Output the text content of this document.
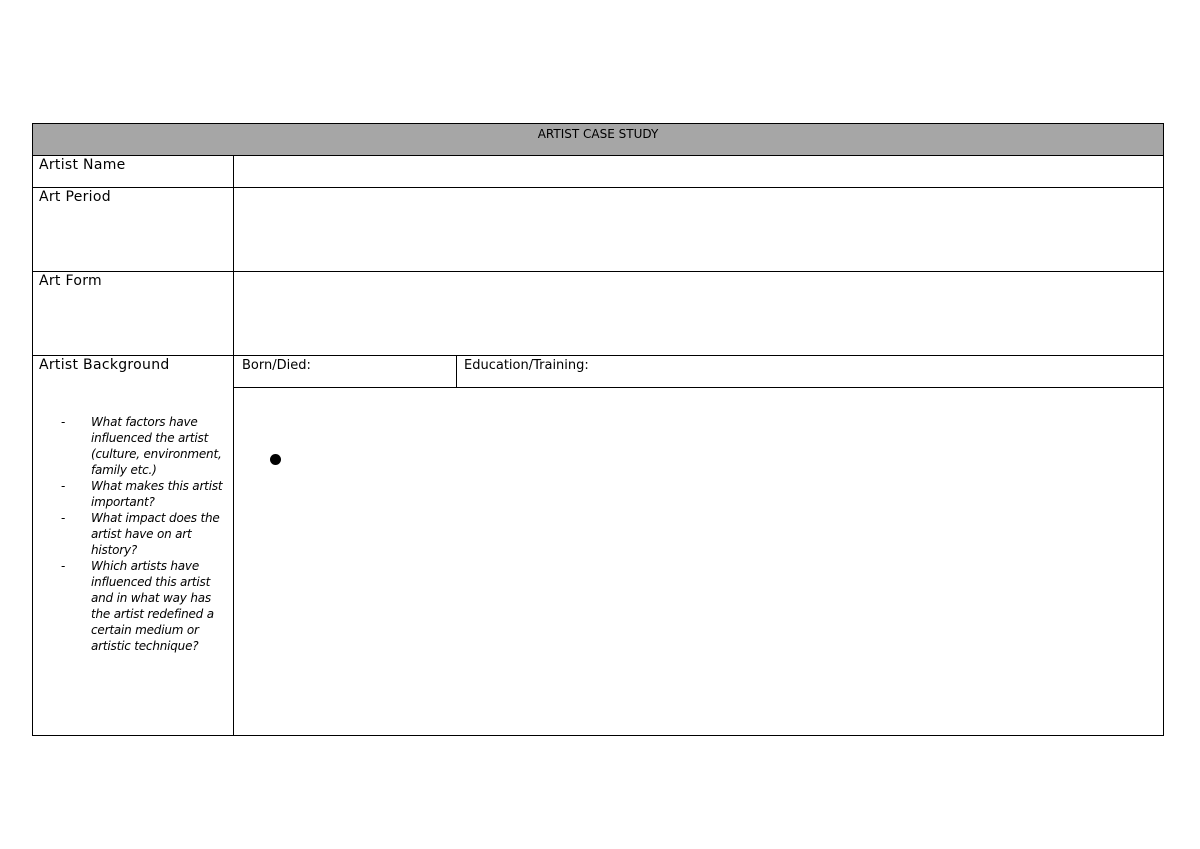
ARTIST CASE STUDY
Artist Name
Art Period
Art Form
Artist Background
- What factors have influenced the artist (culture, environment, family etc.)
- What makes this artist important?
- What impact does the artist have on art history?
- Which artists have influenced this artist and in what way has the artist redefined a certain medium or artistic technique?
Born/Died:	Education/Training:
